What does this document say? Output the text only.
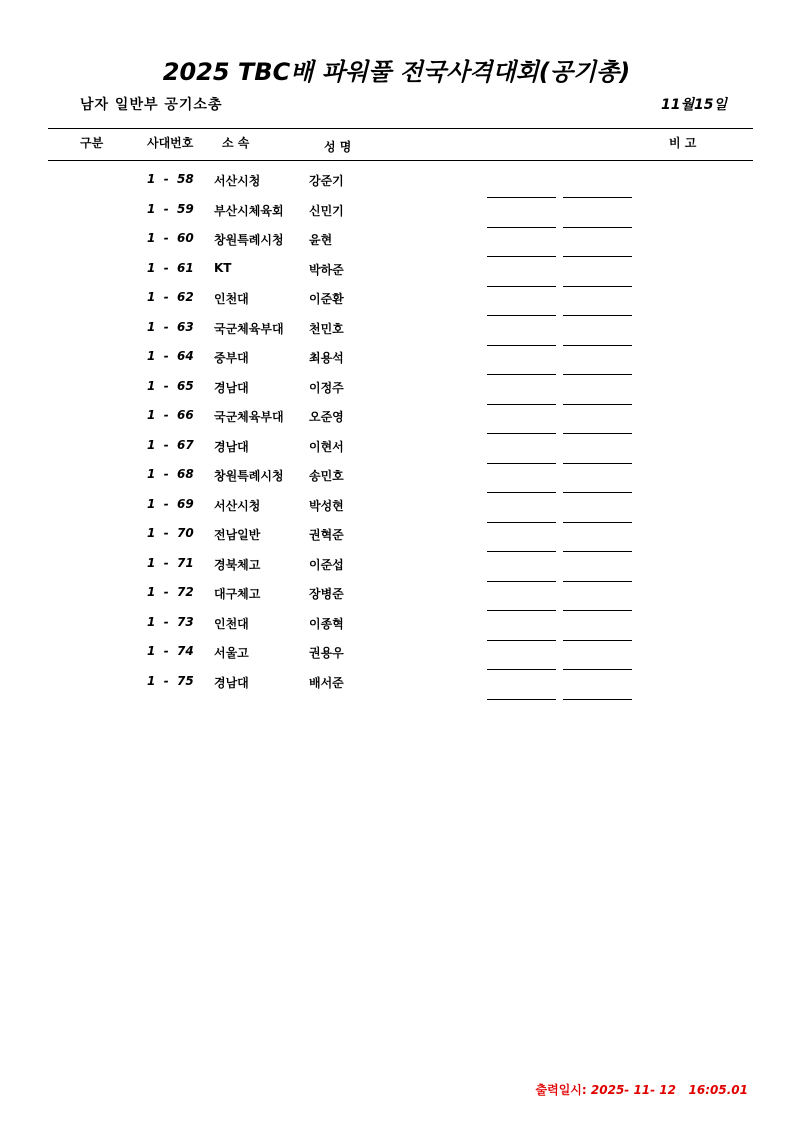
2025 TBC배 파워풀 전국사격대회(공기총)
남자 일반부 공기소총	11월15일
구분	사대번호 소 속	성 명	비 고
1  -  58 서산시청	강준기
1  -  59 부산시체육회 신민기
1  -  60 창원특례시청 윤현
1  -  61 KT	박하준
1  -  62 인천대	이준환
1  -  63 국군체육부대 천민호
1  -  64 중부대	최용석
1  -  65 경남대	이정주
1  -  66 국군체육부대 오준영
1  -  67 경남대	이현서
1  -  68 창원특례시청 송민호
1  -  69 서산시청	박성현
1  -  70 전남일반	권혁준
1  -  71 경북체고	이준섭
1  -  72 대구체고	장병준
1  -  73 인천대	이종혁
1  -  74 서울고	권용우
1  -  75 경남대	배서준
출력일시: 2025- 11- 12   16:05.01
